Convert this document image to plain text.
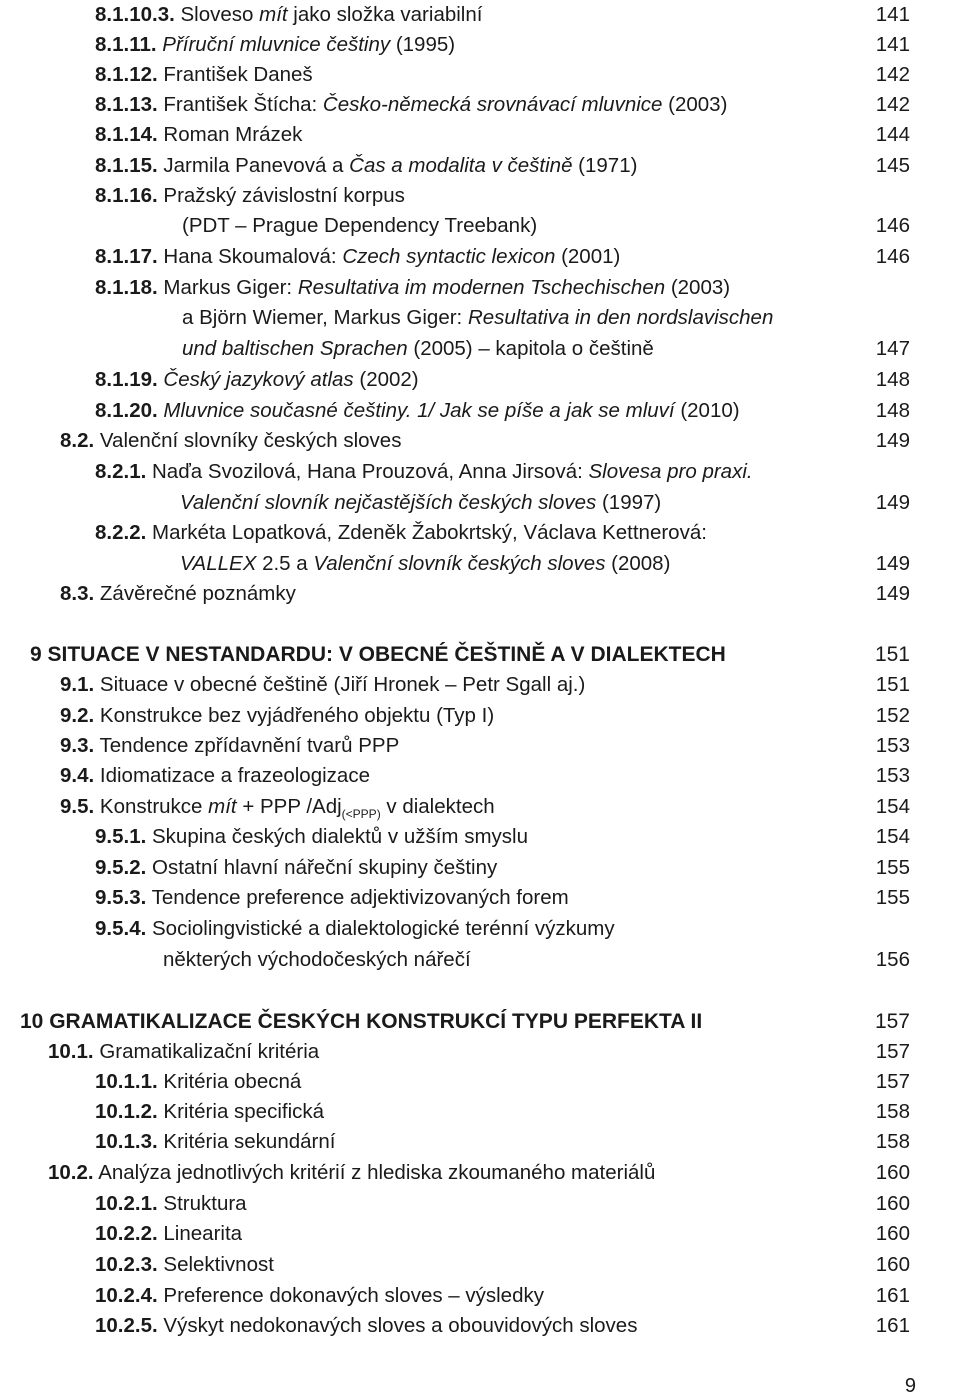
8.1.10.3. Sloveso mít jako složka variabilní	141
8.1.11. Příruční mluvnice češtiny (1995)	141
8.1.12. František Daneš	142
8.1.13. František Štícha: Česko-německá srovnávací mluvnice (2003)	142
8.1.14. Roman Mrázek	144
8.1.15. Jarmila Panevová a Čas a modalita v češtině (1971)	145
8.1.16. Pražský závislostní korpus
(PDT – Prague Dependency Treebank)	146
8.1.17. Hana Skoumalová: Czech syntactic lexicon (2001)	146
8.1.18. Markus Giger: Resultativa im modernen Tschechischen (2003)
a Björn Wiemer, Markus Giger: Resultativa in den nordslavischen
und baltischen Sprachen (2005) – kapitola o češtině	147
8.1.19. Český jazykový atlas (2002)	148
8.1.20. Mluvnice současné češtiny. 1/ Jak se píše a jak se mluví (2010)	148
8.2. Valenční slovníky českých sloves	149
8.2.1. Naďa Svozilová, Hana Prouzová, Anna Jirsová: Slovesa pro praxi.
Valenční slovník nejčastějších českých sloves (1997)	149
8.2.2. Markéta Lopatková, Zdeněk Žabokrtský, Václava Kettnerová:
VALLEX 2.5 a Valenční slovník českých sloves (2008)	149
8.3. Závěrečné poznámky	149
9 SITUACE V NESTANDARDU: V OBECNÉ ČEŠTINĚ A V DIALEKTECH	151
9.1. Situace v obecné češtině (Jiří Hronek – Petr Sgall aj.)	151
9.2. Konstrukce bez vyjádřeného objektu (Typ I)	152
9.3. Tendence zpřídavnění tvarů PPP	153
9.4. Idiomatizace a frazeologizace	153
9.5. Konstrukce mít + PPP /Adj$_{(<PPP)}$ v dialektech	154
9.5.1. Skupina českých dialektů v užším smyslu	154
9.5.2. Ostatní hlavní nářeční skupiny češtiny	155
9.5.3. Tendence preference adjektivizovaných forem	155
9.5.4. Sociolingvistické a dialektologické terénní výzkumy
některých východočeských nářečí	156
10 GRAMATIKALIZACE ČESKÝCH KONSTRUKCÍ TYPU PERFEKTA II	157
10.1. Gramatikalizační kritéria	157
10.1.1. Kritéria obecná	157
10.1.2. Kritéria specifická	158
10.1.3. Kritéria sekundární	158
10.2. Analýza jednotlivých kritérií z hlediska zkoumaného materiálů	160
10.2.1. Struktura	160
10.2.2. Linearita	160
10.2.3. Selektivnost	160
10.2.4. Preference dokonavých sloves – výsledky	161
10.2.5. Výskyt nedokonavých sloves a obouvidových sloves	161
9
